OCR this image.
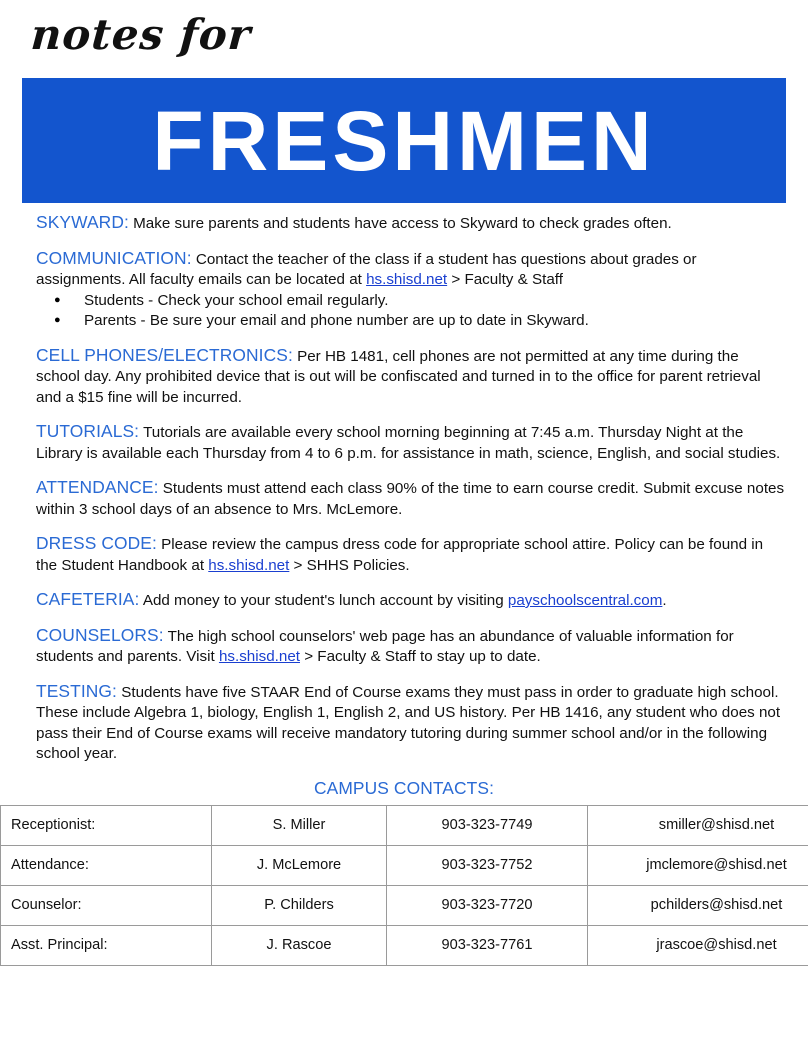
notes for
FRESHMEN

SKYWARD: Make sure parents and students have access to Skyward to check grades often.

COMMUNICATION: Contact the teacher of the class if a student has questions about grades or assignments. All faculty emails can be located at hs.shisd.net > Faculty & Staff

● Students - Check your school email regularly.
● Parents - Be sure your email and phone number are up to date in Skyward.

CELL PHONES/ELECTRONICS: Per HB 1481, cell phones are not permitted at any time during the school day. Any prohibited device that is out will be confiscated and turned in to the office for parent retrieval and a $15 fine will be incurred.

TUTORIALS: Tutorials are available every school morning beginning at 7:45 a.m. Thursday Night at the Library is available each Thursday from 4 to 6 p.m. for assistance in math, science, English, and social studies.

ATTENDANCE: Students must attend each class 90% of the time to earn course credit. Submit excuse notes within 3 school days of an absence to Mrs. McLemore.

DRESS CODE: Please review the campus dress code for appropriate school attire. Policy can be found in the Student Handbook at hs.shisd.net > SHHS Policies.

CAFETERIA: Add money to your student's lunch account by visiting payschoolscentral.com.

COUNSELORS: The high school counselors' web page has an abundance of valuable information for students and parents. Visit hs.shisd.net > Faculty & Staff to stay up to date.

TESTING: Students have five STAAR End of Course exams they must pass in order to graduate high school. These include Algebra 1, biology, English 1, English 2, and US history. Per HB 1416, any student who does not pass their End of Course exams will receive mandatory tutoring during summer school and/or in the following school year.

CAMPUS CONTACTS:
Receptionist:	S. Miller	903-323-7749	smiller@shisd.net
Attendance:	J. McLemore	903-323-7752	jmclemore@shisd.net
Counselor:	P. Childers	903-323-7720	pchilders@shisd.net
Asst. Principal:	J. Rascoe	903-323-7761	jrascoe@shisd.net
